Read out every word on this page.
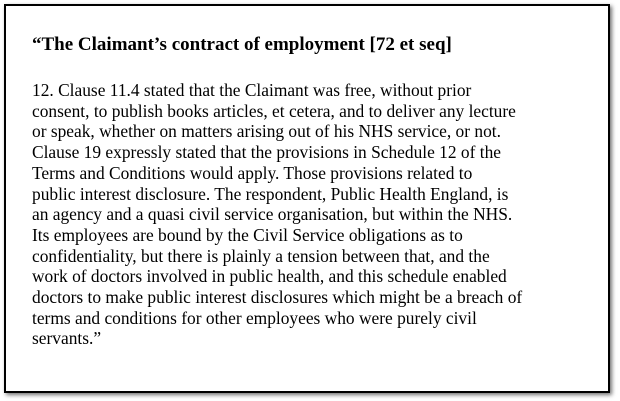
“The Claimant’s contract of employment [72 et seq]

12. Clause 11.4 stated that the Claimant was free, without prior
consent, to publish books articles, et cetera, and to deliver any lecture
or speak, whether on matters arising out of his NHS service, or not.
Clause 19 expressly stated that the provisions in Schedule 12 of the
Terms and Conditions would apply. Those provisions related to
public interest disclosure. The respondent, Public Health England, is
an agency and a quasi civil service organisation, but within the NHS.
Its employees are bound by the Civil Service obligations as to
confidentiality, but there is plainly a tension between that, and the
work of doctors involved in public health, and this schedule enabled
doctors to make public interest disclosures which might be a breach of
terms and conditions for other employees who were purely civil
servants.”
